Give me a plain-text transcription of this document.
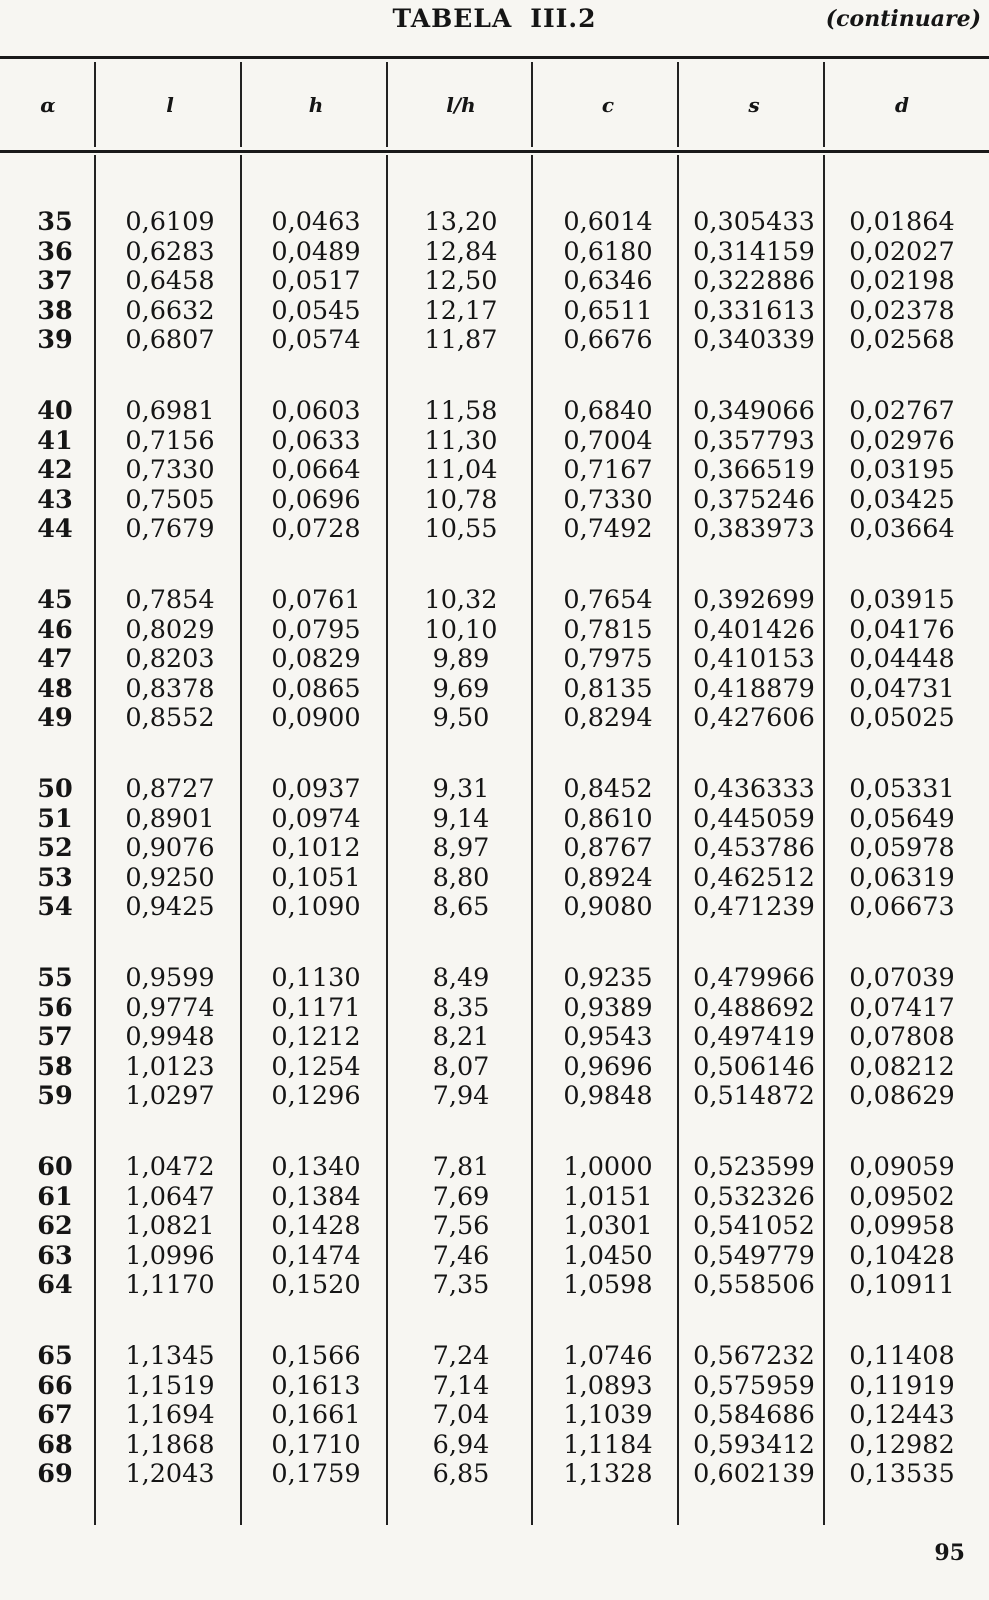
TABELA III.2	(continuare)
α	l	h	l/h	c	s	d
35	0,6109	0,0463	13,20	0,6014	0,305433	0,01864
36	0,6283	0,0489	12,84	0,6180	0,314159	0,02027
37	0,6458	0,0517	12,50	0,6346	0,322886	0,02198
38	0,6632	0,0545	12,17	0,6511	0,331613	0,02378
39	0,6807	0,0574	11,87	0,6676	0,340339	0,02568
40	0,6981	0,0603	11,58	0,6840	0,349066	0,02767
41	0,7156	0,0633	11,30	0,7004	0,357793	0,02976
42	0,7330	0,0664	11,04	0,7167	0,366519	0,03195
43	0,7505	0,0696	10,78	0,7330	0,375246	0,03425
44	0,7679	0,0728	10,55	0,7492	0,383973	0,03664
45	0,7854	0,0761	10,32	0,7654	0,392699	0,03915
46	0,8029	0,0795	10,10	0,7815	0,401426	0,04176
47	0,8203	0,0829	9,89	0,7975	0,410153	0,04448
48	0,8378	0,0865	9,69	0,8135	0,418879	0,04731
49	0,8552	0,0900	9,50	0,8294	0,427606	0,05025
50	0,8727	0,0937	9,31	0,8452	0,436333	0,05331
51	0,8901	0,0974	9,14	0,8610	0,445059	0,05649
52	0,9076	0,1012	8,97	0,8767	0,453786	0,05978
53	0,9250	0,1051	8,80	0,8924	0,462512	0,06319
54	0,9425	0,1090	8,65	0,9080	0,471239	0,06673
55	0,9599	0,1130	8,49	0,9235	0,479966	0,07039
56	0,9774	0,1171	8,35	0,9389	0,488692	0,07417
57	0,9948	0,1212	8,21	0,9543	0,497419	0,07808
58	1,0123	0,1254	8,07	0,9696	0,506146	0,08212
59	1,0297	0,1296	7,94	0,9848	0,514872	0,08629
60	1,0472	0,1340	7,81	1,0000	0,523599	0,09059
61	1,0647	0,1384	7,69	1,0151	0,532326	0,09502
62	1,0821	0,1428	7,56	1,0301	0,541052	0,09958
63	1,0996	0,1474	7,46	1,0450	0,549779	0,10428
64	1,1170	0,1520	7,35	1,0598	0,558506	0,10911
65	1,1345	0,1566	7,24	1,0746	0,567232	0,11408
66	1,1519	0,1613	7,14	1,0893	0,575959	0,11919
67	1,1694	0,1661	7,04	1,1039	0,584686	0,12443
68	1,1868	0,1710	6,94	1,1184	0,593412	0,12982
69	1,2043	0,1759	6,85	1,1328	0,602139	0,13535
95
